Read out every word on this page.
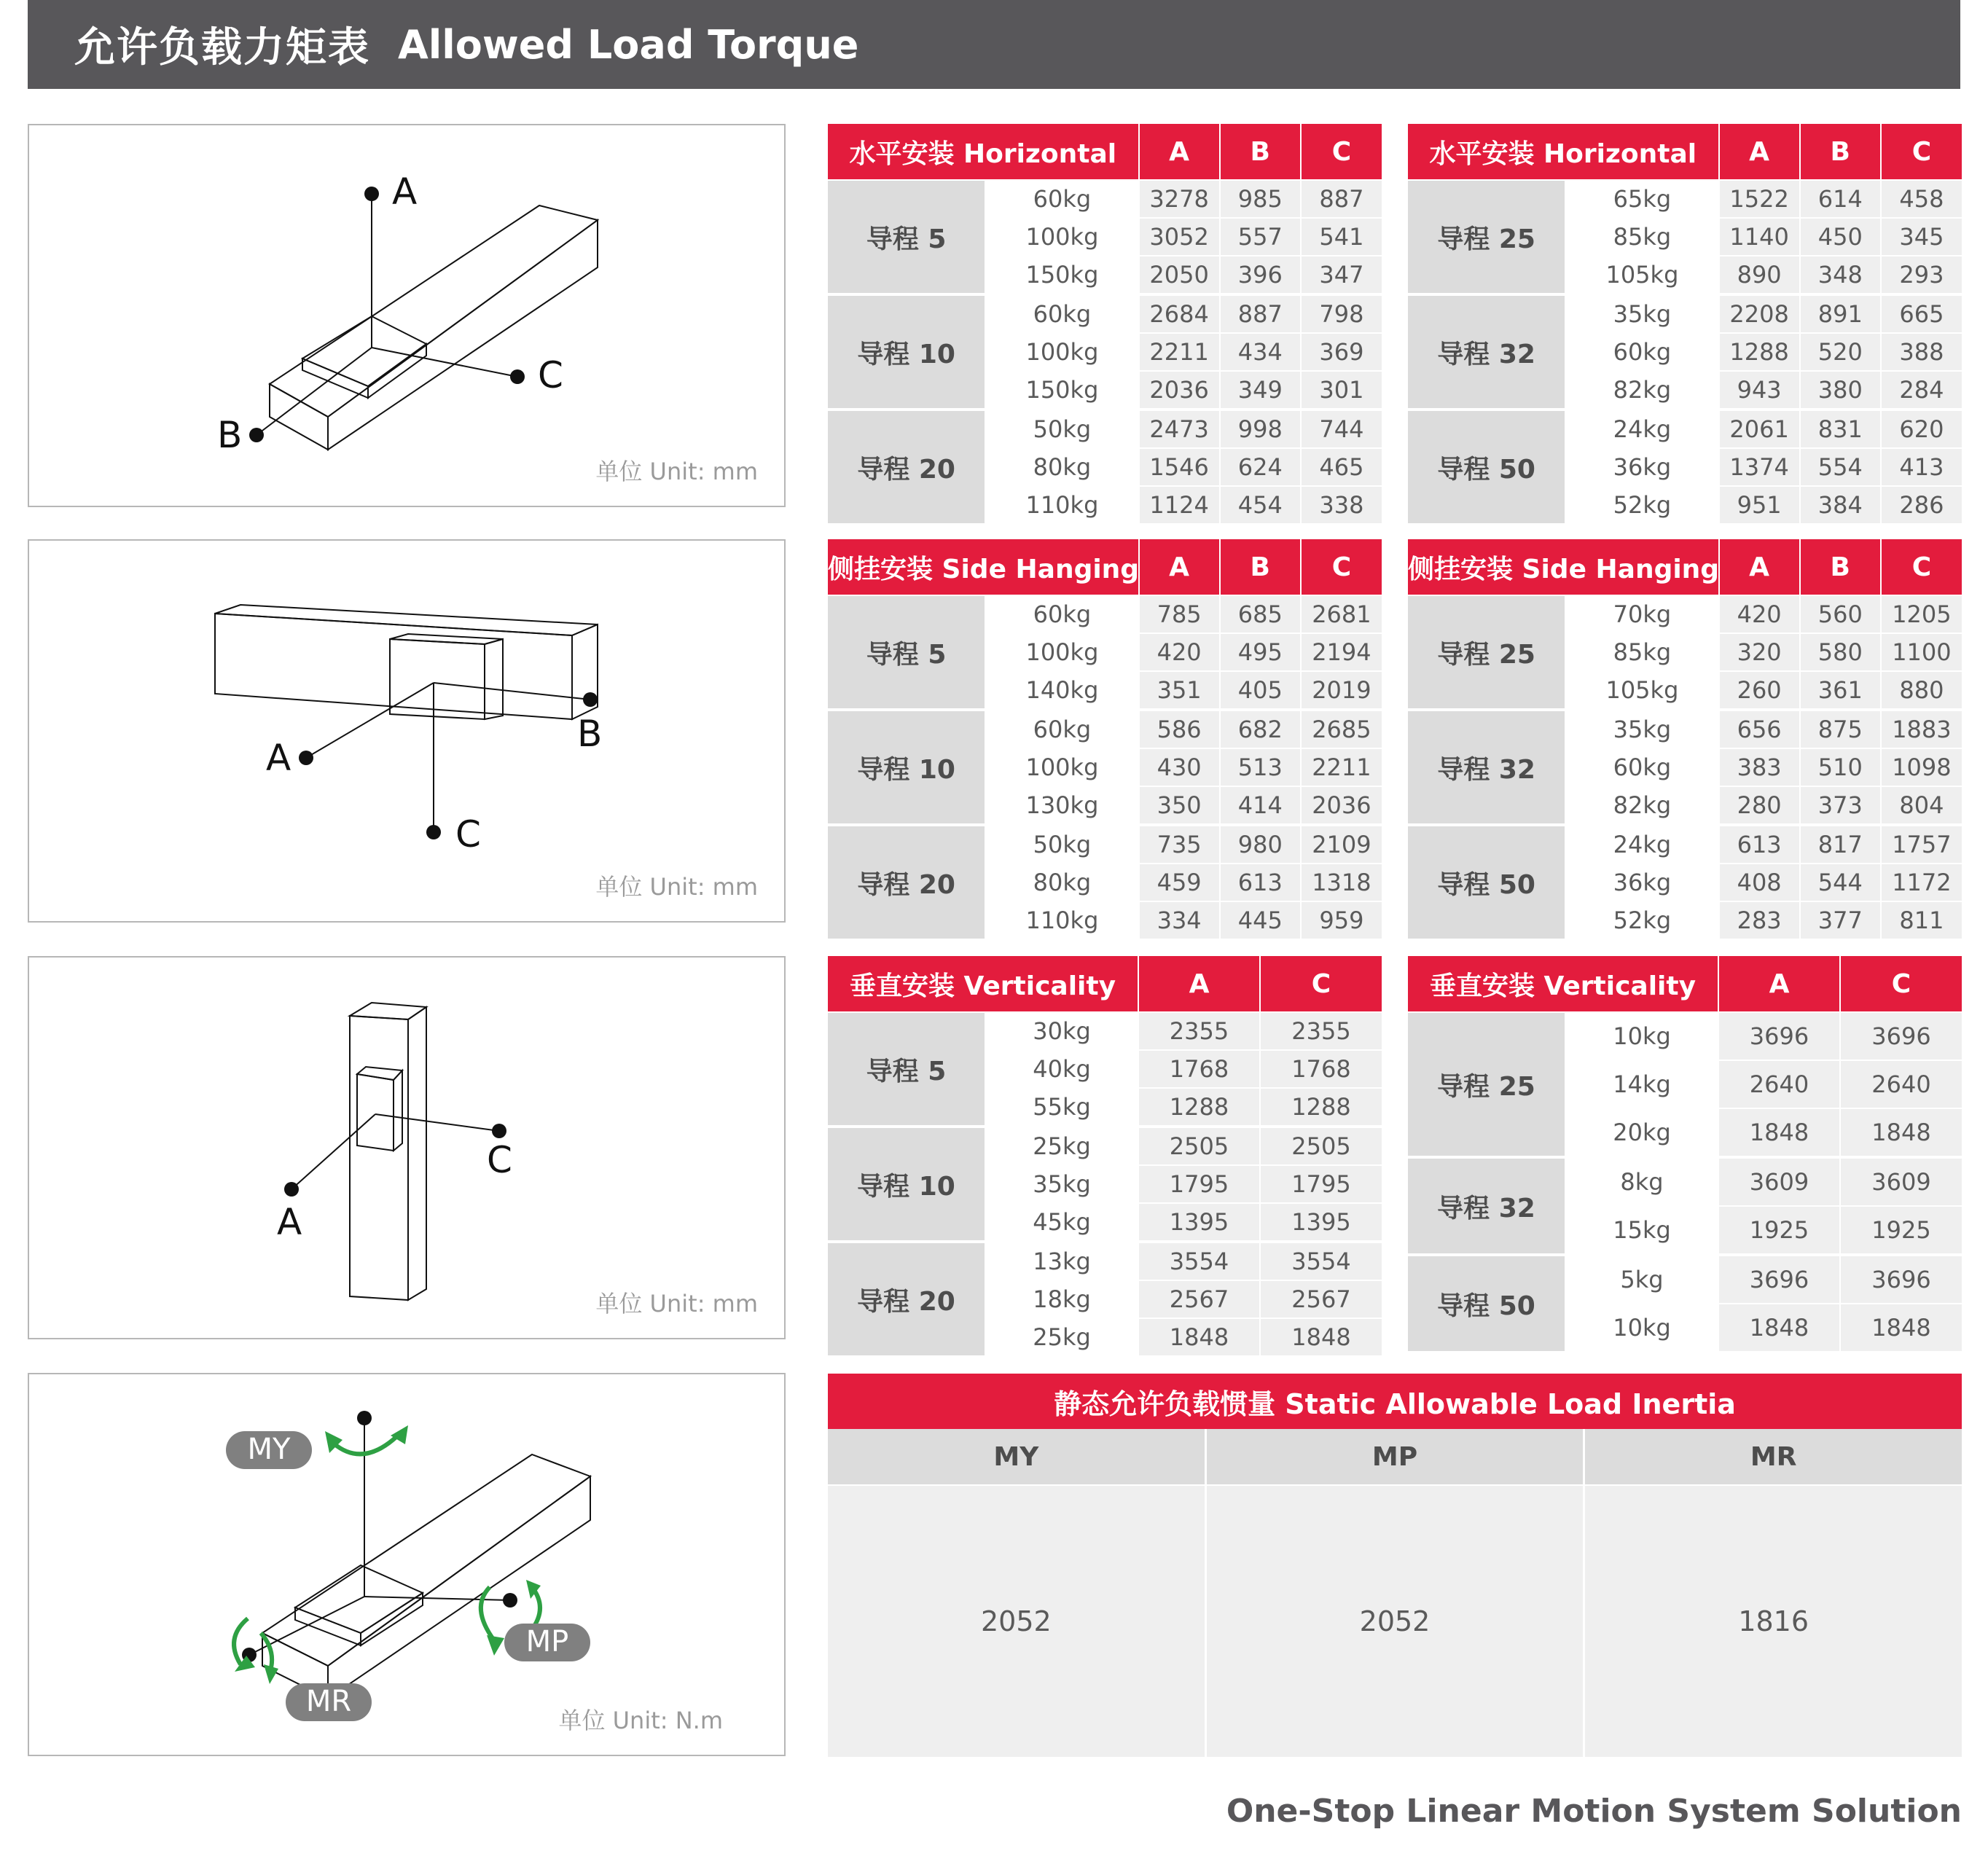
允许负载力矩表 Allowed Load Torque
A
C
B
单位 Unit: mm
B
A
C
单位 Unit: mm
C
A
单位 Unit: mm
MY
MP
MR
单位 Unit: N.m
水平安装 Horizontal		A	B	C
导程 5	60kg	3278	985	887
	100kg	3052	557	541
	150kg	2050	396	347
导程 10	60kg	2684	887	798
	100kg	2211	434	369
	150kg	2036	349	301
导程 20	50kg	2473	998	744
	80kg	1546	624	465
	110kg	1124	454	338
水平安装 Horizontal		A	B	C
导程 25	65kg	1522	614	458
	85kg	1140	450	345
	105kg	890	348	293
导程 32	35kg	2208	891	665
	60kg	1288	520	388
	82kg	943	380	284
导程 50	24kg	2061	831	620
	36kg	1374	554	413
	52kg	951	384	286
侧挂安装 Side Hanging		A	B	C
导程 5	60kg	785	685	2681
	100kg	420	495	2194
	140kg	351	405	2019
导程 10	60kg	586	682	2685
	100kg	430	513	2211
	130kg	350	414	2036
导程 20	50kg	735	980	2109
	80kg	459	613	1318
	110kg	334	445	959
侧挂安装 Side Hanging		A	B	C
导程 25	70kg	420	560	1205
	85kg	320	580	1100
	105kg	260	361	880
导程 32	35kg	656	875	1883
	60kg	383	510	1098
	82kg	280	373	804
导程 50	24kg	613	817	1757
	36kg	408	544	1172
	52kg	283	377	811
垂直安装 Verticality		A	C
导程 5	30kg	2355	2355
	40kg	1768	1768
	55kg	1288	1288
导程 10	25kg	2505	2505
	35kg	1795	1795
	45kg	1395	1395
导程 20	13kg	3554	3554
	18kg	2567	2567
	25kg	1848	1848
垂直安装 Verticality		A	C
导程 25	10kg	3696	3696
	14kg	2640	2640
	20kg	1848	1848
导程 32	8kg	3609	3609
	15kg	1925	1925
导程 50	5kg	3696	3696
	10kg	1848	1848
静态允许负载惯量 Static Allowable Load Inertia
MY	MP	MR
2052	2052	1816
One-Stop Linear Motion System Solution
